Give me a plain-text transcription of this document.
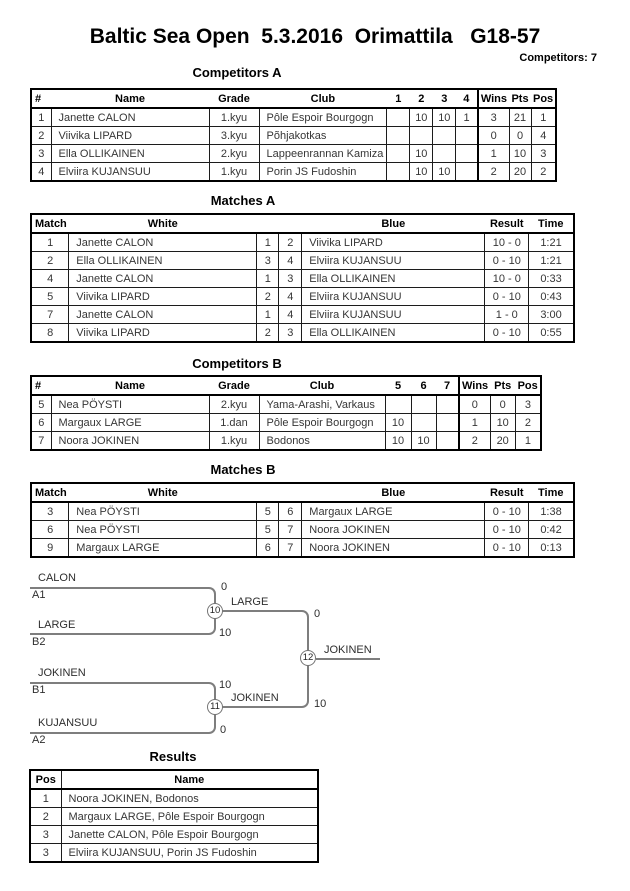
Baltic Sea Open  5.3.2016  Orimattila   G18-57
Competitors: 7
Competitors A
#	Name	Grade	Club	1	2	3	4	Wins	Pts	Pos
1	Janette CALON	1.kyu	Pôle Espoir Bourgogn		10	10	1	3	21	1
2	Viivika LIPARD	3.kyu	Põhjakotkas					0	0	4
3	Ella OLLIKAINEN	2.kyu	Lappeenrannan Kamiza		10			1	10	3
4	Elviira KUJANSUU	1.kyu	Porin JS Fudoshin		10	10		2	20	2
Matches A
Match	White			Blue	Result	Time
1	Janette CALON	1	2	Viivika LIPARD	10 - 0	1:21
2	Ella OLLIKAINEN	3	4	Elviira KUJANSUU	0 - 10	1:21
4	Janette CALON	1	3	Ella OLLIKAINEN	10 - 0	0:33
5	Viivika LIPARD	2	4	Elviira KUJANSUU	0 - 10	0:43
7	Janette CALON	1	4	Elviira KUJANSUU	1 - 0	3:00
8	Viivika LIPARD	2	3	Ella OLLIKAINEN	0 - 10	0:55
Competitors B
#	Name	Grade	Club	5	6	7	Wins	Pts	Pos
5	Nea PÖYSTI	2.kyu	Yama-Arashi, Varkaus				0	0	3
6	Margaux LARGE	1.dan	Pôle Espoir Bourgogn	10			1	10	2
7	Noora JOKINEN	1.kyu	Bodonos	10	10		2	20	1
Matches B
Match	White			Blue	Result	Time
3	Nea PÖYSTI	5	6	Margaux LARGE	0 - 10	1:38
6	Nea PÖYSTI	5	7	Noora JOKINEN	0 - 10	0:42
9	Margaux LARGE	6	7	Noora JOKINEN	0 - 10	0:13
CALON
A1
0
LARGE
B2
10
JOKINEN
B1	10
KUJANSUU
A2
0
10
11
12
LARGE
JOKINEN
0
10
JOKINEN
Results
Pos	Name
1	Noora JOKINEN, Bodonos
2	Margaux LARGE, Pôle Espoir Bourgogn
3	Janette CALON, Pôle Espoir Bourgogn
3	Elviira KUJANSUU, Porin JS Fudoshin
